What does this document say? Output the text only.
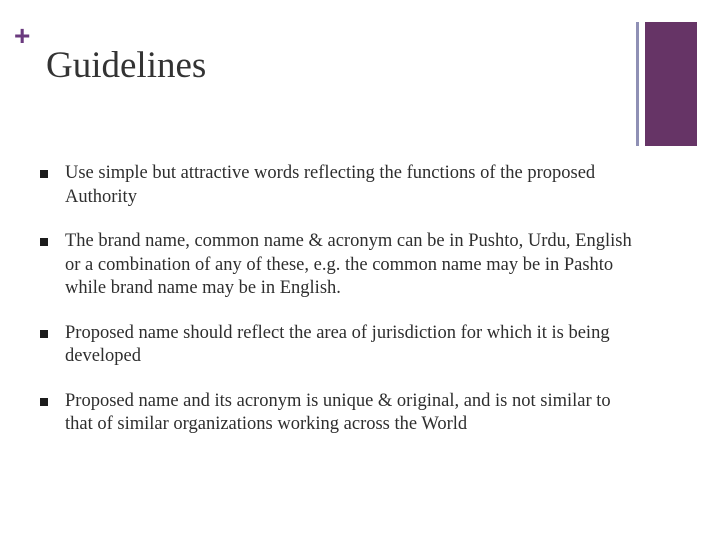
+
Guidelines
Use simple but attractive words reflecting the functions of the proposed Authority
The brand name, common name & acronym can be in Pushto, Urdu, English or a combination of any of these, e.g. the common name may be in Pashto while brand name may be in English.
Proposed name should reflect the area of jurisdiction for which it is being developed
Proposed name and its acronym is unique & original, and is not similar to that of similar organizations working across the World
